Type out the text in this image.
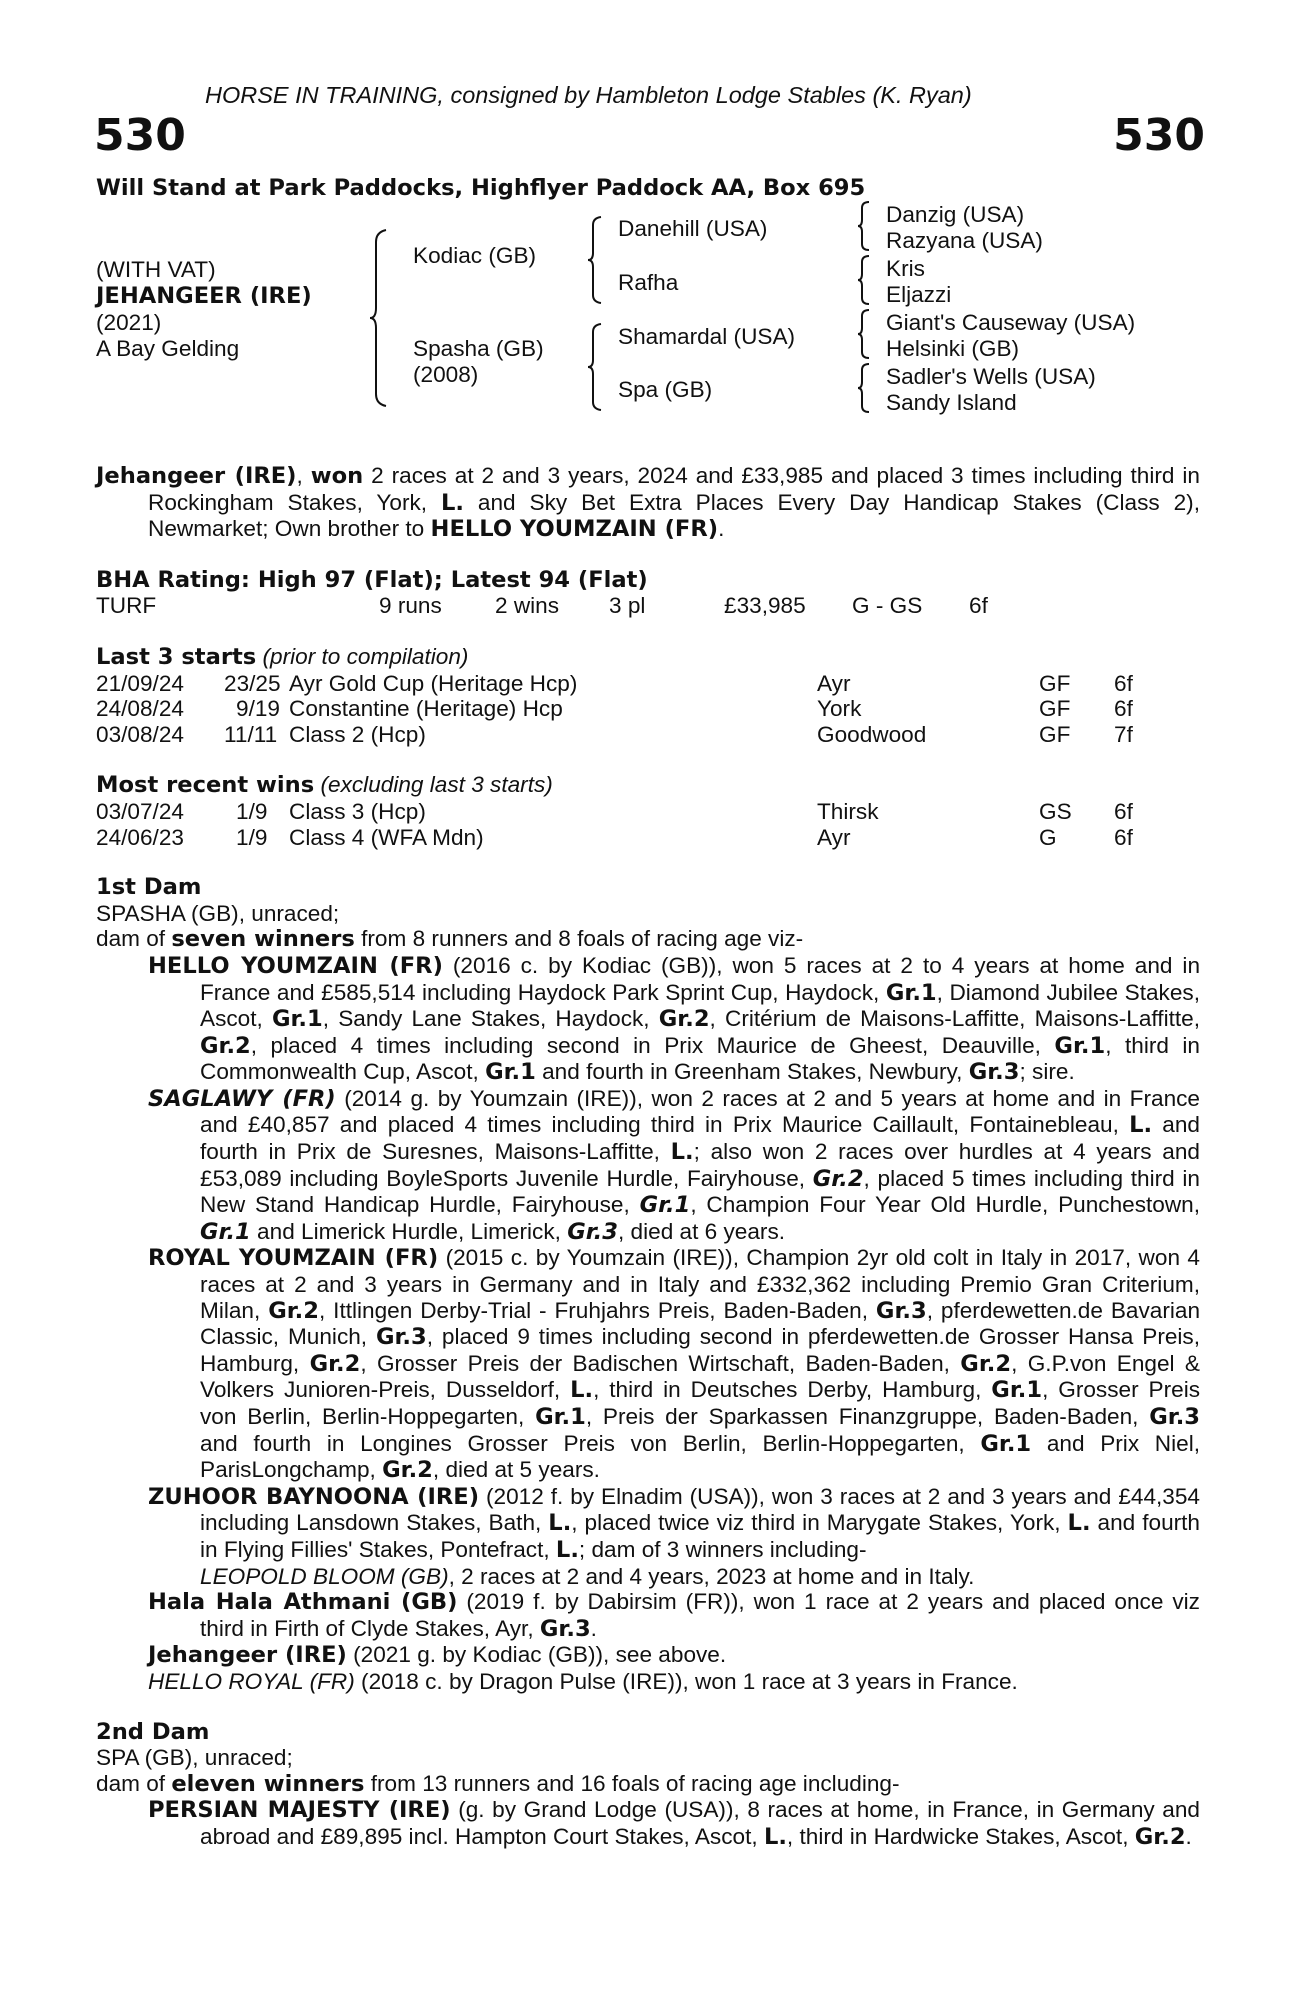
HORSE IN TRAINING, consigned by Hambleton Lodge Stables (K. Ryan)
530	530
Will Stand at Park Paddocks, Highflyer Paddock AA, Box 695
(WITH VAT)
JEHANGEER (IRE)
(2021)
A Bay Gelding
Kodiac (GB)
Spasha (GB)
(2008)
Danehill (USA)
Rafha
Shamardal (USA)
Spa (GB)
Danzig (USA)
Razyana (USA)
Kris
Eljazzi
Giant's Causeway (USA)
Helsinki (GB)
Sadler's Wells (USA)
Sandy Island

Jehangeer (IRE), won 2 races at 2 and 3 years, 2024 and £33,985 and placed 3 times including third in Rockingham Stakes, York, L. and Sky Bet Extra Places Every Day Handicap Stakes (Class 2), Newmarket; Own brother to HELLO YOUMZAIN (FR).

BHA Rating: High 97 (Flat); Latest 94 (Flat)
TURF	9 runs 2 wins 3 pl	£33,985 G - GS 6f
Last 3 starts (prior to compilation)
21/09/24 23/25 Ayr Gold Cup (Heritage Hcp)	Ayr	GF 6f
24/08/24 9/19 Constantine (Heritage) Hcp	York	GF 6f
03/08/24 11/11 Class 2 (Hcp)	Goodwood	GF 7f
Most recent wins (excluding last 3 starts)
03/07/24 1/9 Class 3 (Hcp)	Thirsk	GS 6f
24/06/23 1/9 Class 4 (WFA Mdn)	Ayr	G	6f
1st Dam
SPASHA (GB), unraced;
dam of seven winners from 8 runners and 8 foals of racing age viz-

HELLO YOUMZAIN (FR) (2016 c. by Kodiac (GB)), won 5 races at 2 to 4 years at home and in France and £585,514 including Haydock Park Sprint Cup, Haydock, Gr.1, Diamond Jubilee Stakes, Ascot, Gr.1, Sandy Lane Stakes, Haydock, Gr.2, Critérium de Maisons-Laffitte, Maisons-Laffitte, Gr.2, placed 4 times including second in Prix Maurice de Gheest, Deauville, Gr.1, third in Commonwealth Cup, Ascot, Gr.1 and fourth in Greenham Stakes, Newbury, Gr.3; sire.

SAGLAWY (FR) (2014 g. by Youmzain (IRE)), won 2 races at 2 and 5 years at home and in France and £40,857 and placed 4 times including third in Prix Maurice Caillault, Fontainebleau, L. and fourth in Prix de Suresnes, Maisons-Laffitte, L.; also won 2 races over hurdles at 4 years and £53,089 including BoyleSports Juvenile Hurdle, Fairyhouse, Gr.2, placed 5 times including third in New Stand Handicap Hurdle, Fairyhouse, Gr.1, Champion Four Year Old Hurdle, Punchestown, Gr.1 and Limerick Hurdle, Limerick, Gr.3, died at 6 years.

ROYAL YOUMZAIN (FR) (2015 c. by Youmzain (IRE)), Champion 2yr old colt in Italy in 2017, won 4 races at 2 and 3 years in Germany and in Italy and £332,362 including Premio Gran Criterium, Milan, Gr.2, Ittlingen Derby-Trial - Fruhjahrs Preis, Baden-Baden, Gr.3, pferdewetten.de Bavarian Classic, Munich, Gr.3, placed 9 times including second in pferdewetten.de Grosser Hansa Preis, Hamburg, Gr.2, Grosser Preis der Badischen Wirtschaft, Baden-Baden, Gr.2, G.P.von Engel & Volkers Junioren-Preis, Dusseldorf, L., third in Deutsches Derby, Hamburg, Gr.1, Grosser Preis von Berlin, Berlin-Hoppegarten, Gr.1, Preis der Sparkassen Finanzgruppe, Baden-Baden, Gr.3 and fourth in Longines Grosser Preis von Berlin, Berlin-Hoppegarten, Gr.1 and Prix Niel, ParisLongchamp, Gr.2, died at 5 years.

ZUHOOR BAYNOONA (IRE) (2012 f. by Elnadim (USA)), won 3 races at 2 and 3 years and £44,354 including Lansdown Stakes, Bath, L., placed twice viz third in Marygate Stakes, York, L. and fourth in Flying Fillies' Stakes, Pontefract, L.; dam of 3 winners including-
LEOPOLD BLOOM (GB), 2 races at 2 and 4 years, 2023 at home and in Italy.

Hala Hala Athmani (GB) (2019 f. by Dabirsim (FR)), won 1 race at 2 years and placed once viz third in Firth of Clyde Stakes, Ayr, Gr.3.

Jehangeer (IRE) (2021 g. by Kodiac (GB)), see above.

HELLO ROYAL (FR) (2018 c. by Dragon Pulse (IRE)), won 1 race at 3 years in France.

2nd Dam
SPA (GB), unraced;
dam of eleven winners from 13 runners and 16 foals of racing age including-

PERSIAN MAJESTY (IRE) (g. by Grand Lodge (USA)), 8 races at home, in France, in Germany and abroad and £89,895 incl. Hampton Court Stakes, Ascot, L., third in Hardwicke Stakes, Ascot, Gr.2.
